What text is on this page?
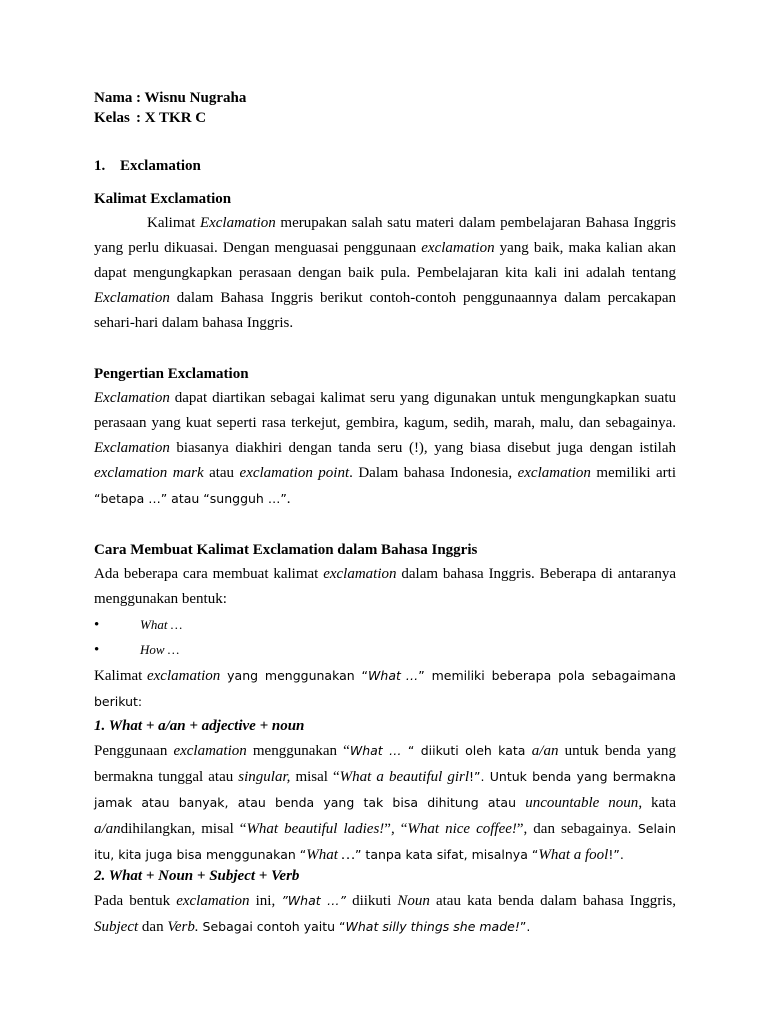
Nama : Wisnu Nugraha
Kelas : X TKR C
1. Exclamation
Kalimat Exclamation

Kalimat Exclamation merupakan salah satu materi dalam pembelajaran Bahasa Inggris yang perlu dikuasai. Dengan menguasai penggunaan exclamation yang baik, maka kalian akan dapat mengungkapkan perasaan dengan baik pula. Pembelajaran kita kali ini adalah tentang Exclamation dalam Bahasa Inggris berikut contoh-contoh penggunaannya dalam percakapan sehari-hari dalam bahasa Inggris.

Pengertian Exclamation

Exclamation dapat diartikan sebagai kalimat seru yang digunakan untuk mengungkapkan suatu perasaan yang kuat seperti rasa terkejut, gembira, kagum, sedih, marah, malu, dan sebagainya. Exclamation biasanya diakhiri dengan tanda seru (!), yang biasa disebut juga dengan istilah exclamation mark atau exclamation point. Dalam bahasa Indonesia, exclamation memiliki arti “betapa …” atau “sungguh …”.

Cara Membuat Kalimat Exclamation dalam Bahasa Inggris

Ada beberapa cara membuat kalimat exclamation dalam bahasa Inggris. Beberapa di antaranya menggunakan bentuk:

•	What …
•	How …

Kalimat exclamation yang menggunakan “What …” memiliki beberapa pola sebagaimana berikut:

1. What + a/an + adjective + noun

Penggunaan exclamation menggunakan “What … “ diikuti oleh kata a/an untuk benda yang bermakna tunggal atau singular, misal “What a beautiful girl!”. Untuk benda yang bermakna jamak atau banyak, atau benda yang tak bisa dihitung atau uncountable noun, kata a/andihilangkan, misal “What beautiful ladies!”, “What nice coffee!”, dan sebagainya. Selain itu, kita juga bisa menggunakan “What …” tanpa kata sifat, misalnya “What a fool!”.

2. What + Noun + Subject + Verb

Pada bentuk exclamation ini, ”What …” diikuti Noun atau kata benda dalam bahasa Inggris, Subject dan Verb. Sebagai contoh yaitu “What silly things she made!”.
